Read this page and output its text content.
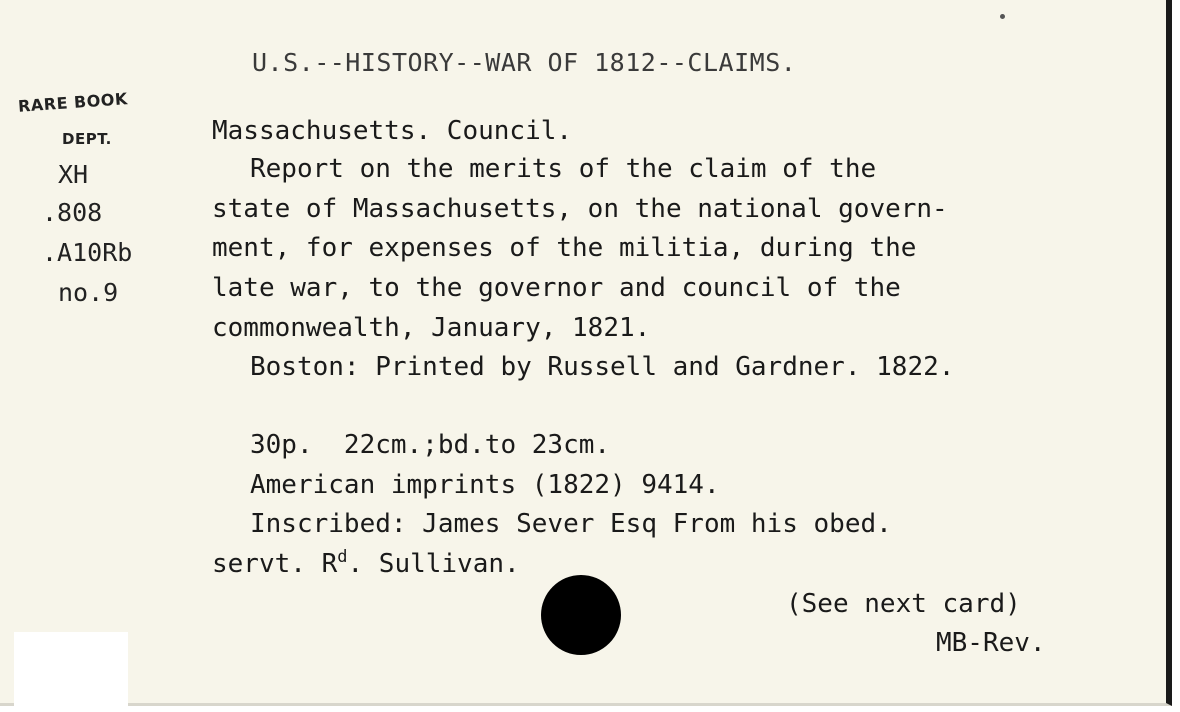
U.S.--HISTORY--WAR OF 1812--CLAIMS.
RARE BOOK
DEPT.
XH
.808
.A10Rb
no.9
Massachusetts. Council.
Report on the merits of the claim of the
state of Massachusetts, on the national govern-
ment, for expenses of the militia, during the
late war, to the governor and council of the
commonwealth, January, 1821.
Boston: Printed by Russell and Gardner. 1822.
30p.  22cm.;bd.to 23cm.
American imprints (1822) 9414.
Inscribed: James Sever Esq From his obed.
servt. $R^d$. Sullivan.
(See next card)
MB-Rev.
